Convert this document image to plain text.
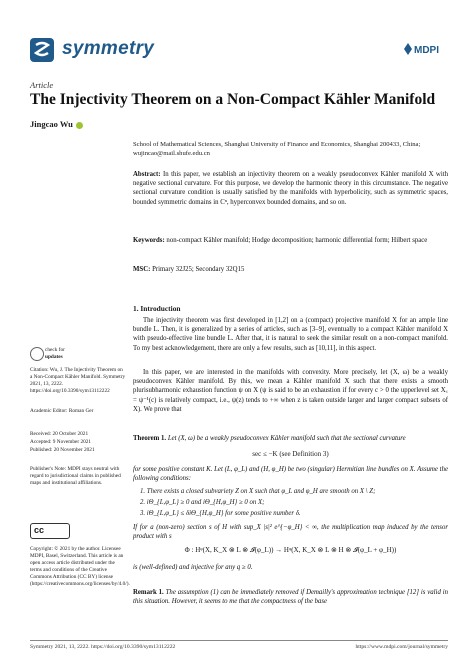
symmetry	MDPI
Article
The Injectivity Theorem on a Non-Compact Kähler Manifold
Jingcao Wu
School of Mathematical Sciences, Shanghai University of Finance and Economics, Shanghai 200433, China; wujincao@mail.shufe.edu.cn
Abstract: In this paper, we establish an injectivity theorem on a weakly pseudoconvex Kähler manifold X with negative sectional curvature. For this purpose, we develop the harmonic theory in this circumstance. The negative sectional curvature condition is usually satisfied by the manifolds with hyperbolicity, such as symmetric spaces, bounded symmetric domains in Cⁿ, hyperconvex bounded domains, and so on.
Keywords: non-compact Kähler manifold; Hodge decomposition; harmonic differential form; Hilbert space
MSC: Primary 32J25; Secondary 32Q15
1. Introduction
The injectivity theorem was first developed in [1,2] on a (compact) projective manifold X for an ample line bundle L. Then, it is generalized by a series of articles, such as [3–9], eventually to a compact Kähler manifold X with pseudo-effective line bundle L. After that, it is natural to seek the similar result on a non-compact manifold. To my best acknowledgement, there are only a few results, such as [10,11], in this aspect.
In this paper, we are interested in the manifolds with convexity. More precisely, let (X, ω) be a weakly pseudoconvex Kähler manifold. By this, we mean a Kähler manifold X such that there exists a smooth plurisubharmonic exhaustion function ψ on X (ψ is said to be an exhaustion if for every c > 0 the upperlevel set X꜀ = ψ⁻¹(c) is relatively compact, i.e., ψ(z) tends to +∞ when z is taken outside larger and larger compact subsets of X). We prove that
Theorem 1. Let (X, ω) be a weakly pseudoconvex Kähler manifold such that the sectional curvature
sec ≤ −K (see Definition 3)
for some positive constant K. Let (L, φ_L) and (H, φ_H) be two (singular) Hermitian line bundles on X. Assume the following conditions:
1. There exists a closed subvariety Z on X such that φ_L and φ_H are smooth on X \ Z;
2. iΘ_{L,φ_L} ≥ 0 and iΘ_{H,φ_H} ≥ 0 on X;
3. iΘ_{L,φ_L} ≤ δiΘ_{H,φ_H} for some positive number δ.
If for a (non-zero) section s of H with sup_X |s|² e^{−φ_H} < ∞, the multiplication map induced by the tensor product with s
Φ : Hᵠ(X, K_X ⊗ L ⊗ 𝓘(φ_L)) → Hᵠ(X, K_X ⊗ L ⊗ H ⊗ 𝓘(φ_L + φ_H))
is (well-defined) and injective for any q ≥ 0.
Remark 1. The assumption (1) can be immediately removed if Demailly's approximation technique [12] is valid in this situation. However, it seems to me that the compactness of the base
check for
updates
Citation: Wu, J. The Injectivity Theorem on a Non-Compact Kähler Manifold. Symmetry 2021, 13, 2222. https://doi.org/10.3390/sym13112222
Academic Editor: Roman Ger
Received: 20 October 2021
Accepted: 9 November 2021
Published: 20 November 2021
Publisher's Note: MDPI stays neutral with regard to jurisdictional claims in published maps and institutional affiliations.
cc
Copyright: © 2021 by the author. Licensee MDPI, Basel, Switzerland. This article is an open access article distributed under the terms and conditions of the Creative Commons Attribution (CC BY) license (https://creativecommons.org/licenses/by/4.0/).
Symmetry 2021, 13, 2222. https://doi.org/10.3390/sym13112222	https://www.mdpi.com/journal/symmetry
